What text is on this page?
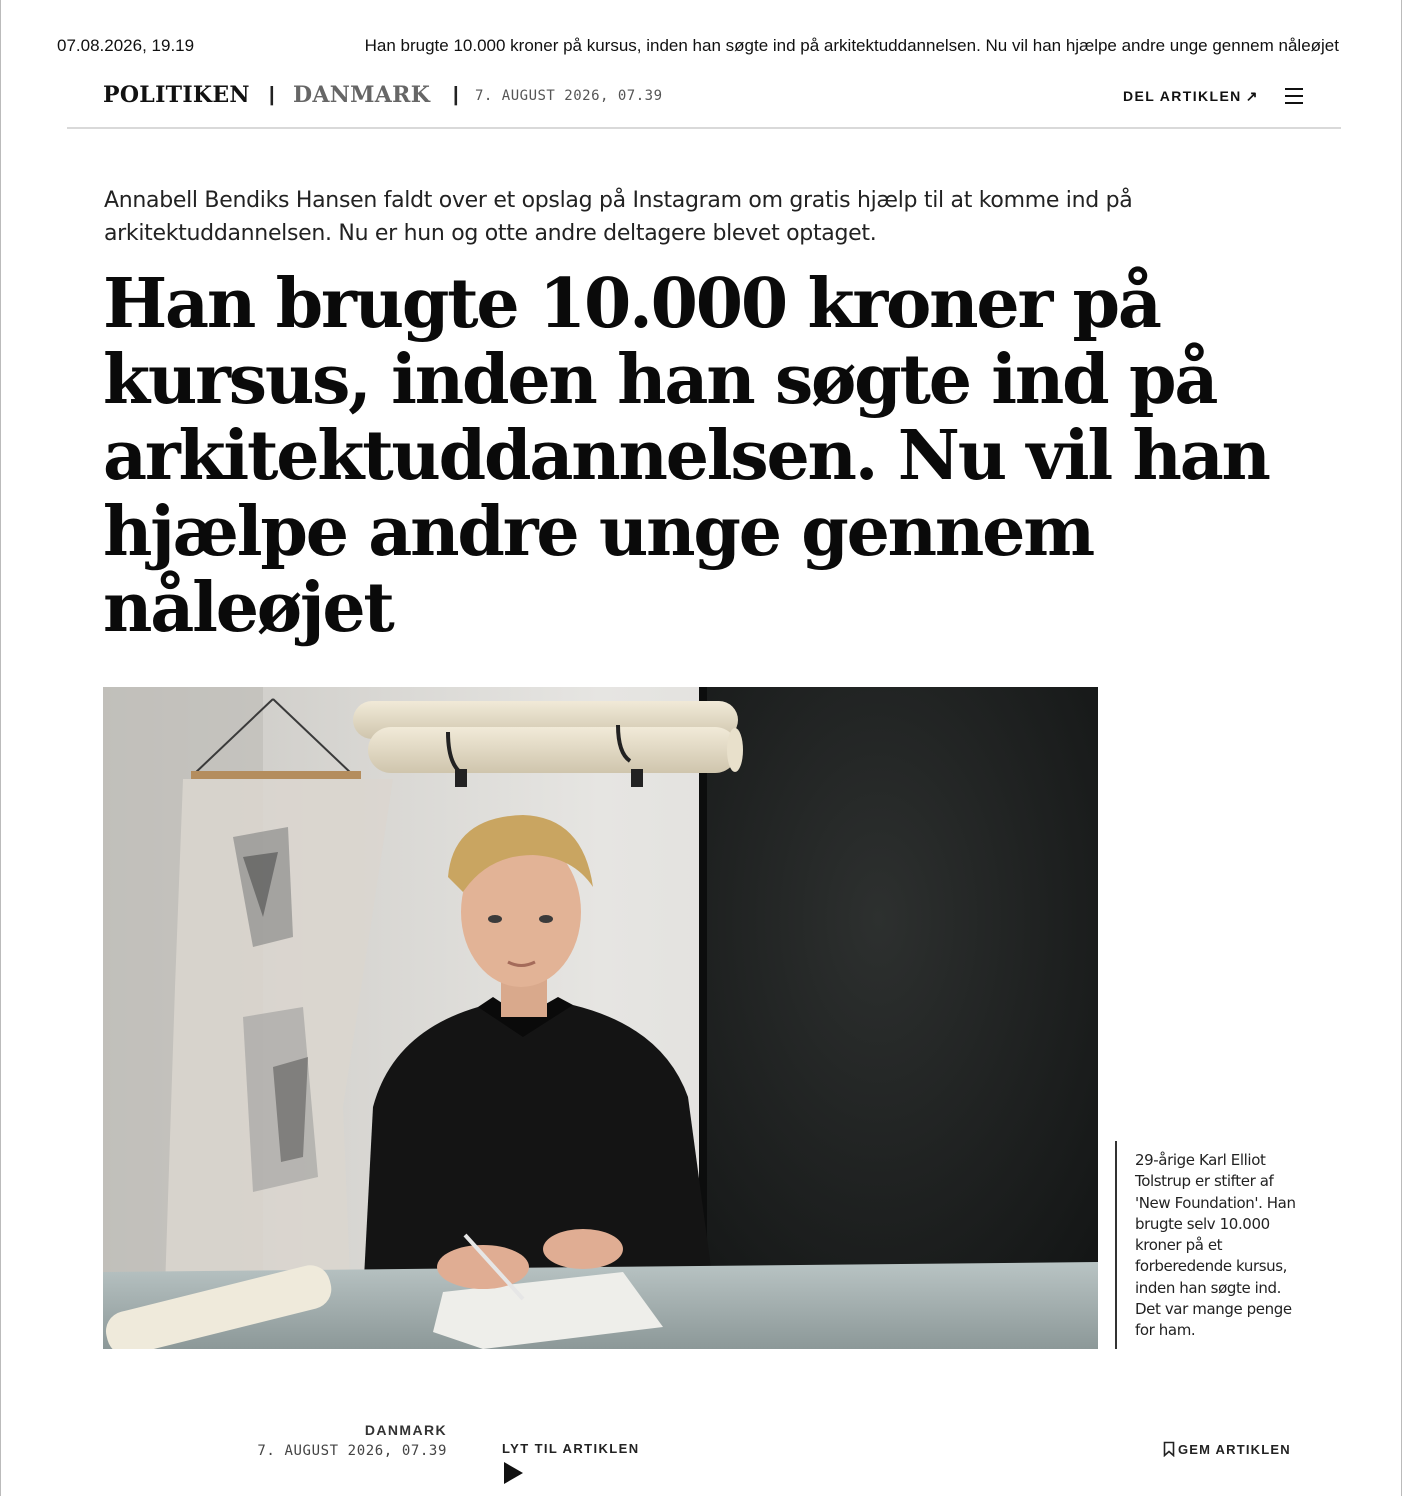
07.08.2026, 19.19	Han brugte 10.000 kroner på kursus, inden han søgte ind på arkitektuddannelsen. Nu vil han hjælpe andre unge gennem nåleøjet
POLITIKEN | DANMARK | 7. AUGUST 2026, 07.39	DEL ARTIKLEN ↗

Annabell Bendiks Hansen faldt over et opslag på Instagram om gratis hjælp til at komme ind på arkitektuddannelsen. Nu er hun og otte andre deltagere blevet optaget.

Han brugte 10.000 kroner på kursus, inden han søgte ind på arkitektuddannelsen. Nu vil han hjælpe andre unge gennem nåleøjet
29-årige Karl Elliot Tolstrup er stifter af 'New Foundation'. Han brugte selv 10.000 kroner på et forberedende kursus, inden han søgte ind. Det var mange penge for ham.
DANMARK
7. AUGUST 2026, 07.39	LYT TIL ARTIKLEN	GEM ARTIKLEN
